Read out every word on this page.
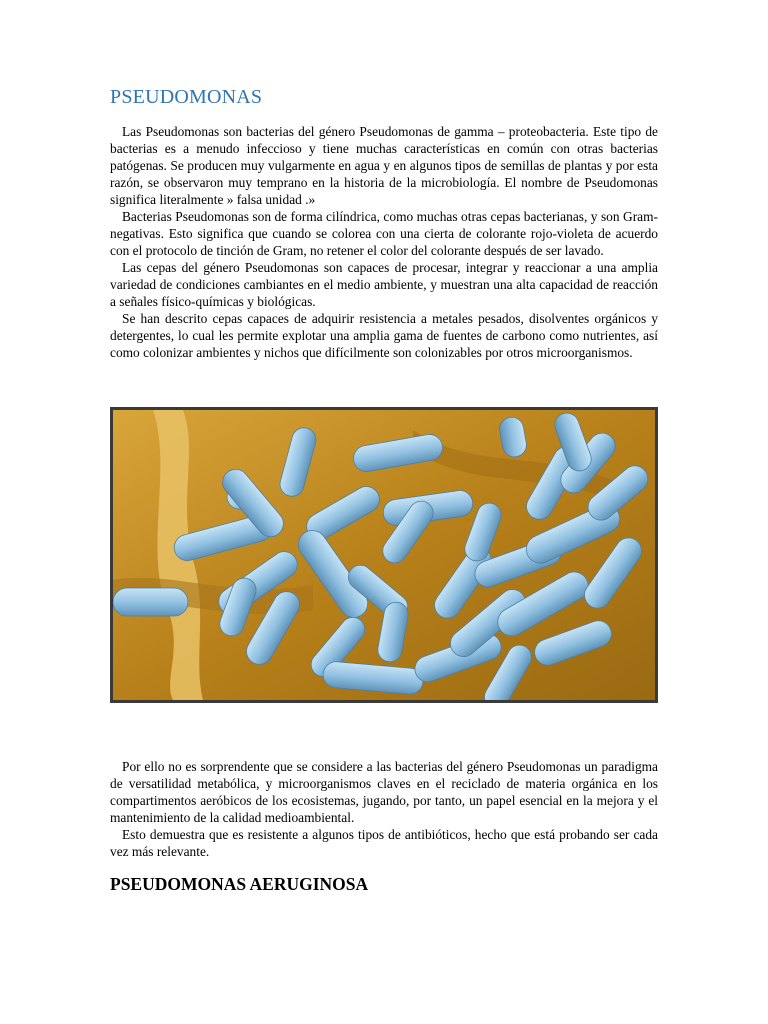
PSEUDOMONAS

Las Pseudomonas son bacterias del género Pseudomonas de gamma – proteobacteria. Este tipo de bacterias es a menudo infeccioso y tiene muchas características en común con otras bacterias patógenas. Se producen muy vulgarmente en agua y en algunos tipos de semillas de plantas y por esta razón, se observaron muy temprano en la historia de la microbiología. El nombre de Pseudomonas significa literalmente » falsa unidad .»

Bacterias Pseudomonas son de forma cilíndrica, como muchas otras cepas bacterianas, y son Gram-negativas. Esto significa que cuando se colorea con una cierta de colorante rojo-violeta de acuerdo con el protocolo de tinción de Gram, no retener el color del colorante después de ser lavado.

Las cepas del género Pseudomonas son capaces de procesar, integrar y reaccionar a una amplia variedad de condiciones cambiantes en el medio ambiente, y muestran una alta capacidad de reacción a señales físico-químicas y biológicas.

Se han descrito cepas capaces de adquirir resistencia a metales pesados, disolventes orgánicos y detergentes, lo cual les permite explotar una amplia gama de fuentes de carbono como nutrientes, así como colonizar ambientes y nichos que difícilmente son colonizables por otros microorganismos.

Por ello no es sorprendente que se considere a las bacterias del género Pseudomonas un paradigma de versatilidad metabólica, y microorganismos claves en el reciclado de materia orgánica en los compartimentos aeróbicos de los ecosistemas, jugando, por tanto, un papel esencial en la mejora y el mantenimiento de la calidad medioambiental.

Esto demuestra que es resistente a algunos tipos de antibióticos, hecho que está probando ser cada vez más relevante.

PSEUDOMONAS AERUGINOSA
